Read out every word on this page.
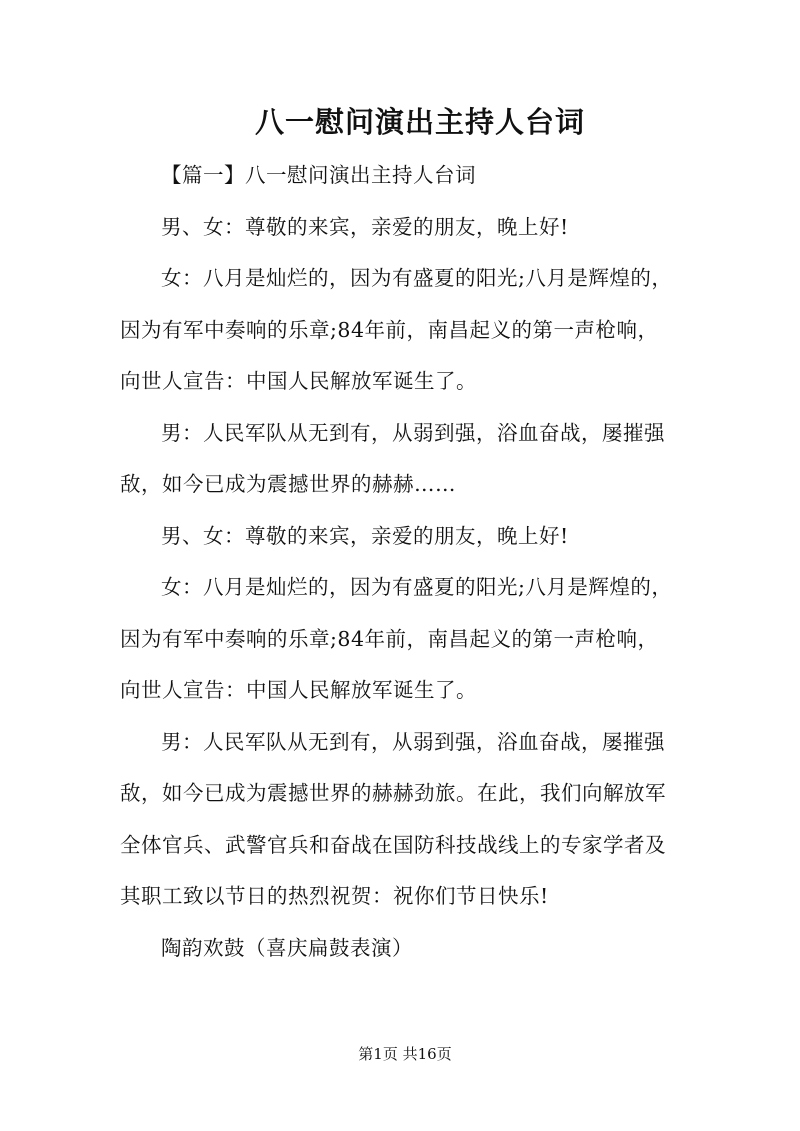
八一慰问演出主持人台词

【篇一】八一慰问演出主持人台词

男、女：尊敬的来宾，亲爱的朋友，晚上好!

女：八月是灿烂的，因为有盛夏的阳光;八月是辉煌的，
因为有军中奏响的乐章;84年前，南昌起义的第一声枪响，
向世人宣告：中国人民解放军诞生了。

男：人民军队从无到有，从弱到强，浴血奋战，屡摧强
敌，如今已成为震撼世界的赫赫……

男、女：尊敬的来宾，亲爱的朋友，晚上好!

女：八月是灿烂的，因为有盛夏的阳光;八月是辉煌的，
因为有军中奏响的乐章;84年前，南昌起义的第一声枪响，
向世人宣告：中国人民解放军诞生了。

男：人民军队从无到有，从弱到强，浴血奋战，屡摧强
敌，如今已成为震撼世界的赫赫劲旅。在此，我们向解放军
全体官兵、武警官兵和奋战在国防科技战线上的专家学者及
其职工致以节日的热烈祝贺：祝你们节日快乐!

陶韵欢鼓（喜庆扁鼓表演）

第1页 共16页
